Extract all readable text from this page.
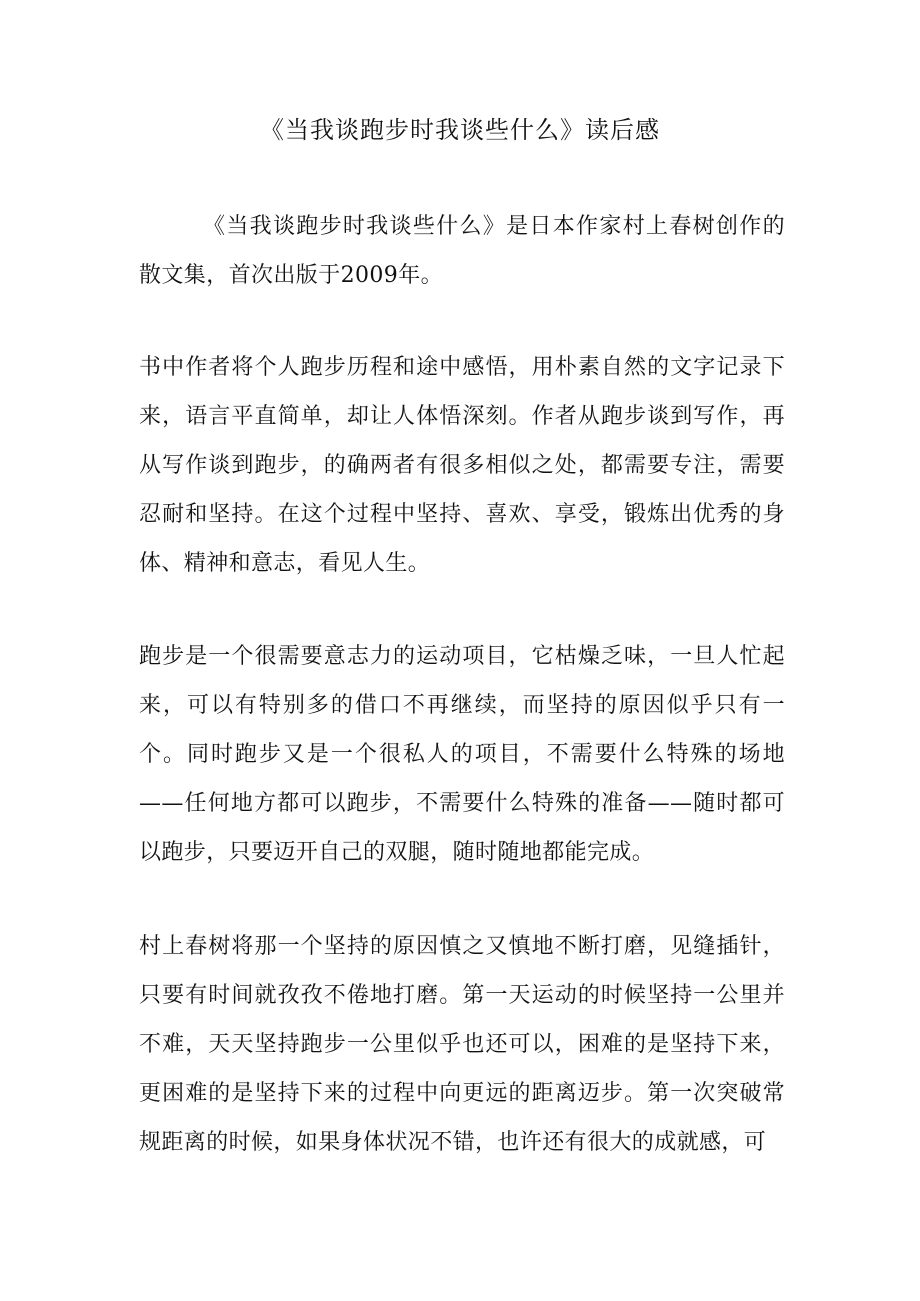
《当我谈跑步时我谈些什么》读后感

《当我谈跑步时我谈些什么》是日本作家村上春树创作的散文集，首次出版于2009年。

书中作者将个人跑步历程和途中感悟，用朴素自然的文字记录下来，语言平直简单，却让人体悟深刻。作者从跑步谈到写作，再从写作谈到跑步，的确两者有很多相似之处，都需要专注，需要忍耐和坚持。在这个过程中坚持、喜欢、享受，锻炼出优秀的身体、精神和意志，看见人生。

跑步是一个很需要意志力的运动项目，它枯燥乏味，一旦人忙起来，可以有特别多的借口不再继续，而坚持的原因似乎只有一个。同时跑步又是一个很私人的项目，不需要什么特殊的场地——任何地方都可以跑步，不需要什么特殊的准备——随时都可以跑步，只要迈开自己的双腿，随时随地都能完成。

村上春树将那一个坚持的原因慎之又慎地不断打磨，见缝插针，只要有时间就孜孜不倦地打磨。第一天运动的时候坚持一公里并不难，天天坚持跑步一公里似乎也还可以，困难的是坚持下来，更困难的是坚持下来的过程中向更远的距离迈步。第一次突破常规距离的时候，如果身体状况不错，也许还有很大的成就感，可
